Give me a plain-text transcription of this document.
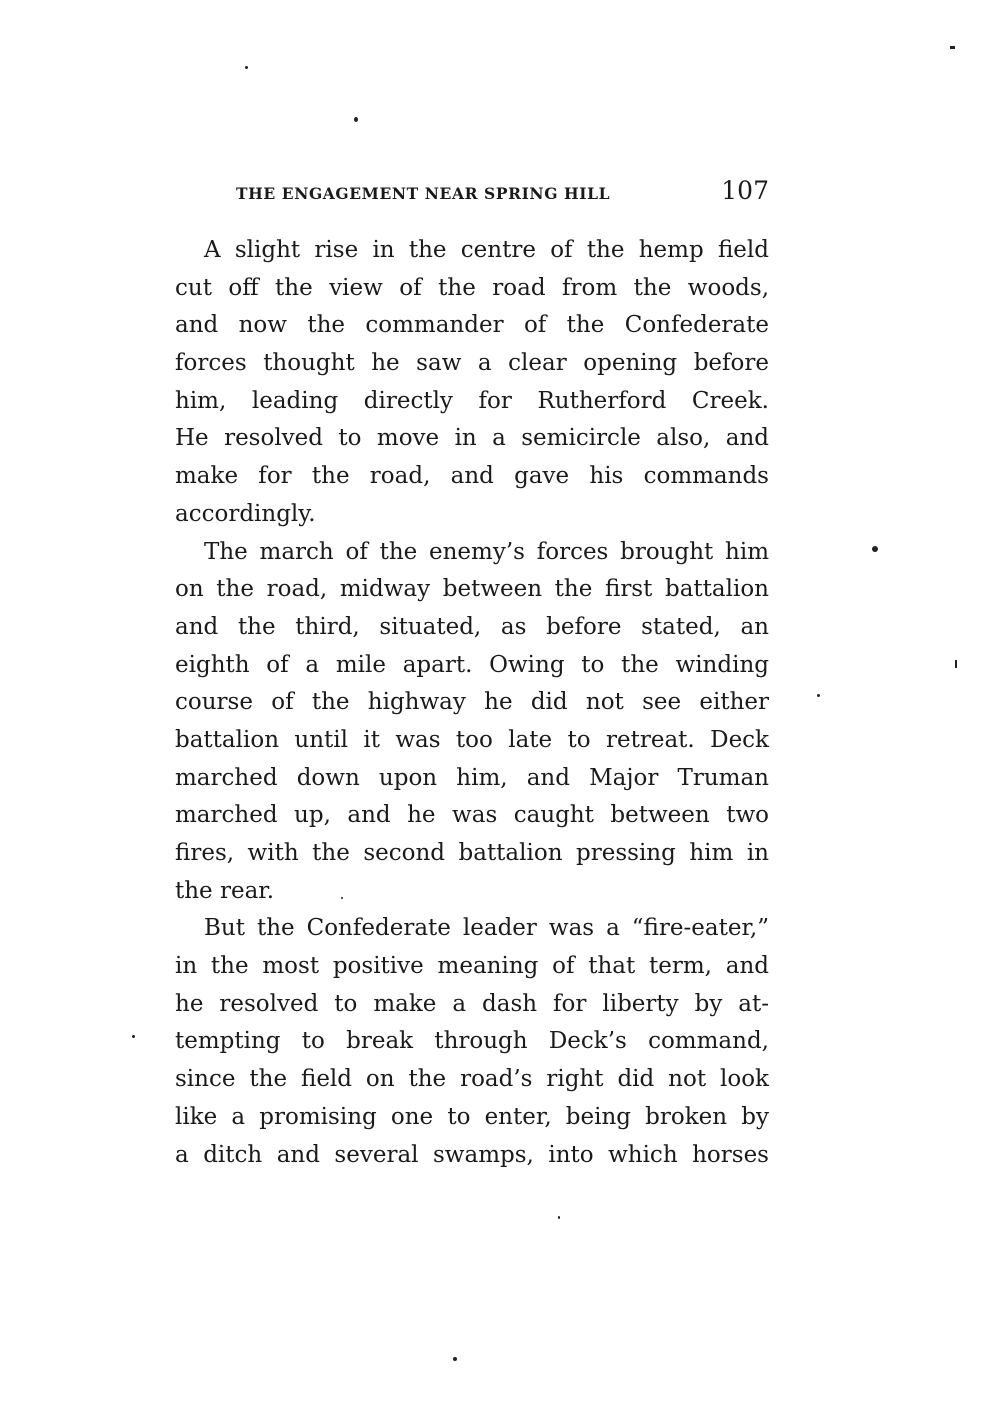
THE ENGAGEMENT NEAR SPRING HILL	107
A slight rise in the centre of the hemp field
cut off the view of the road from the woods,
and now the commander of the Confederate
forces thought he saw a clear opening before
him, leading directly for Rutherford Creek.
He resolved to move in a semicircle also, and
make for the road, and gave his commands
accordingly.
The march of the enemy’s forces brought him
on the road, midway between the first battalion
and the third, situated, as before stated, an
eighth of a mile apart. Owing to the winding
course of the highway he did not see either
battalion until it was too late to retreat. Deck
marched down upon him, and Major Truman
marched up, and he was caught between two
fires, with the second battalion pressing him in
the rear.
But the Confederate leader was a “fire-eater,”
in the most positive meaning of that term, and
he resolved to make a dash for liberty by at-
tempting to break through Deck’s command,
since the field on the road’s right did not look
like a promising one to enter, being broken by
a ditch and several swamps, into which horses
